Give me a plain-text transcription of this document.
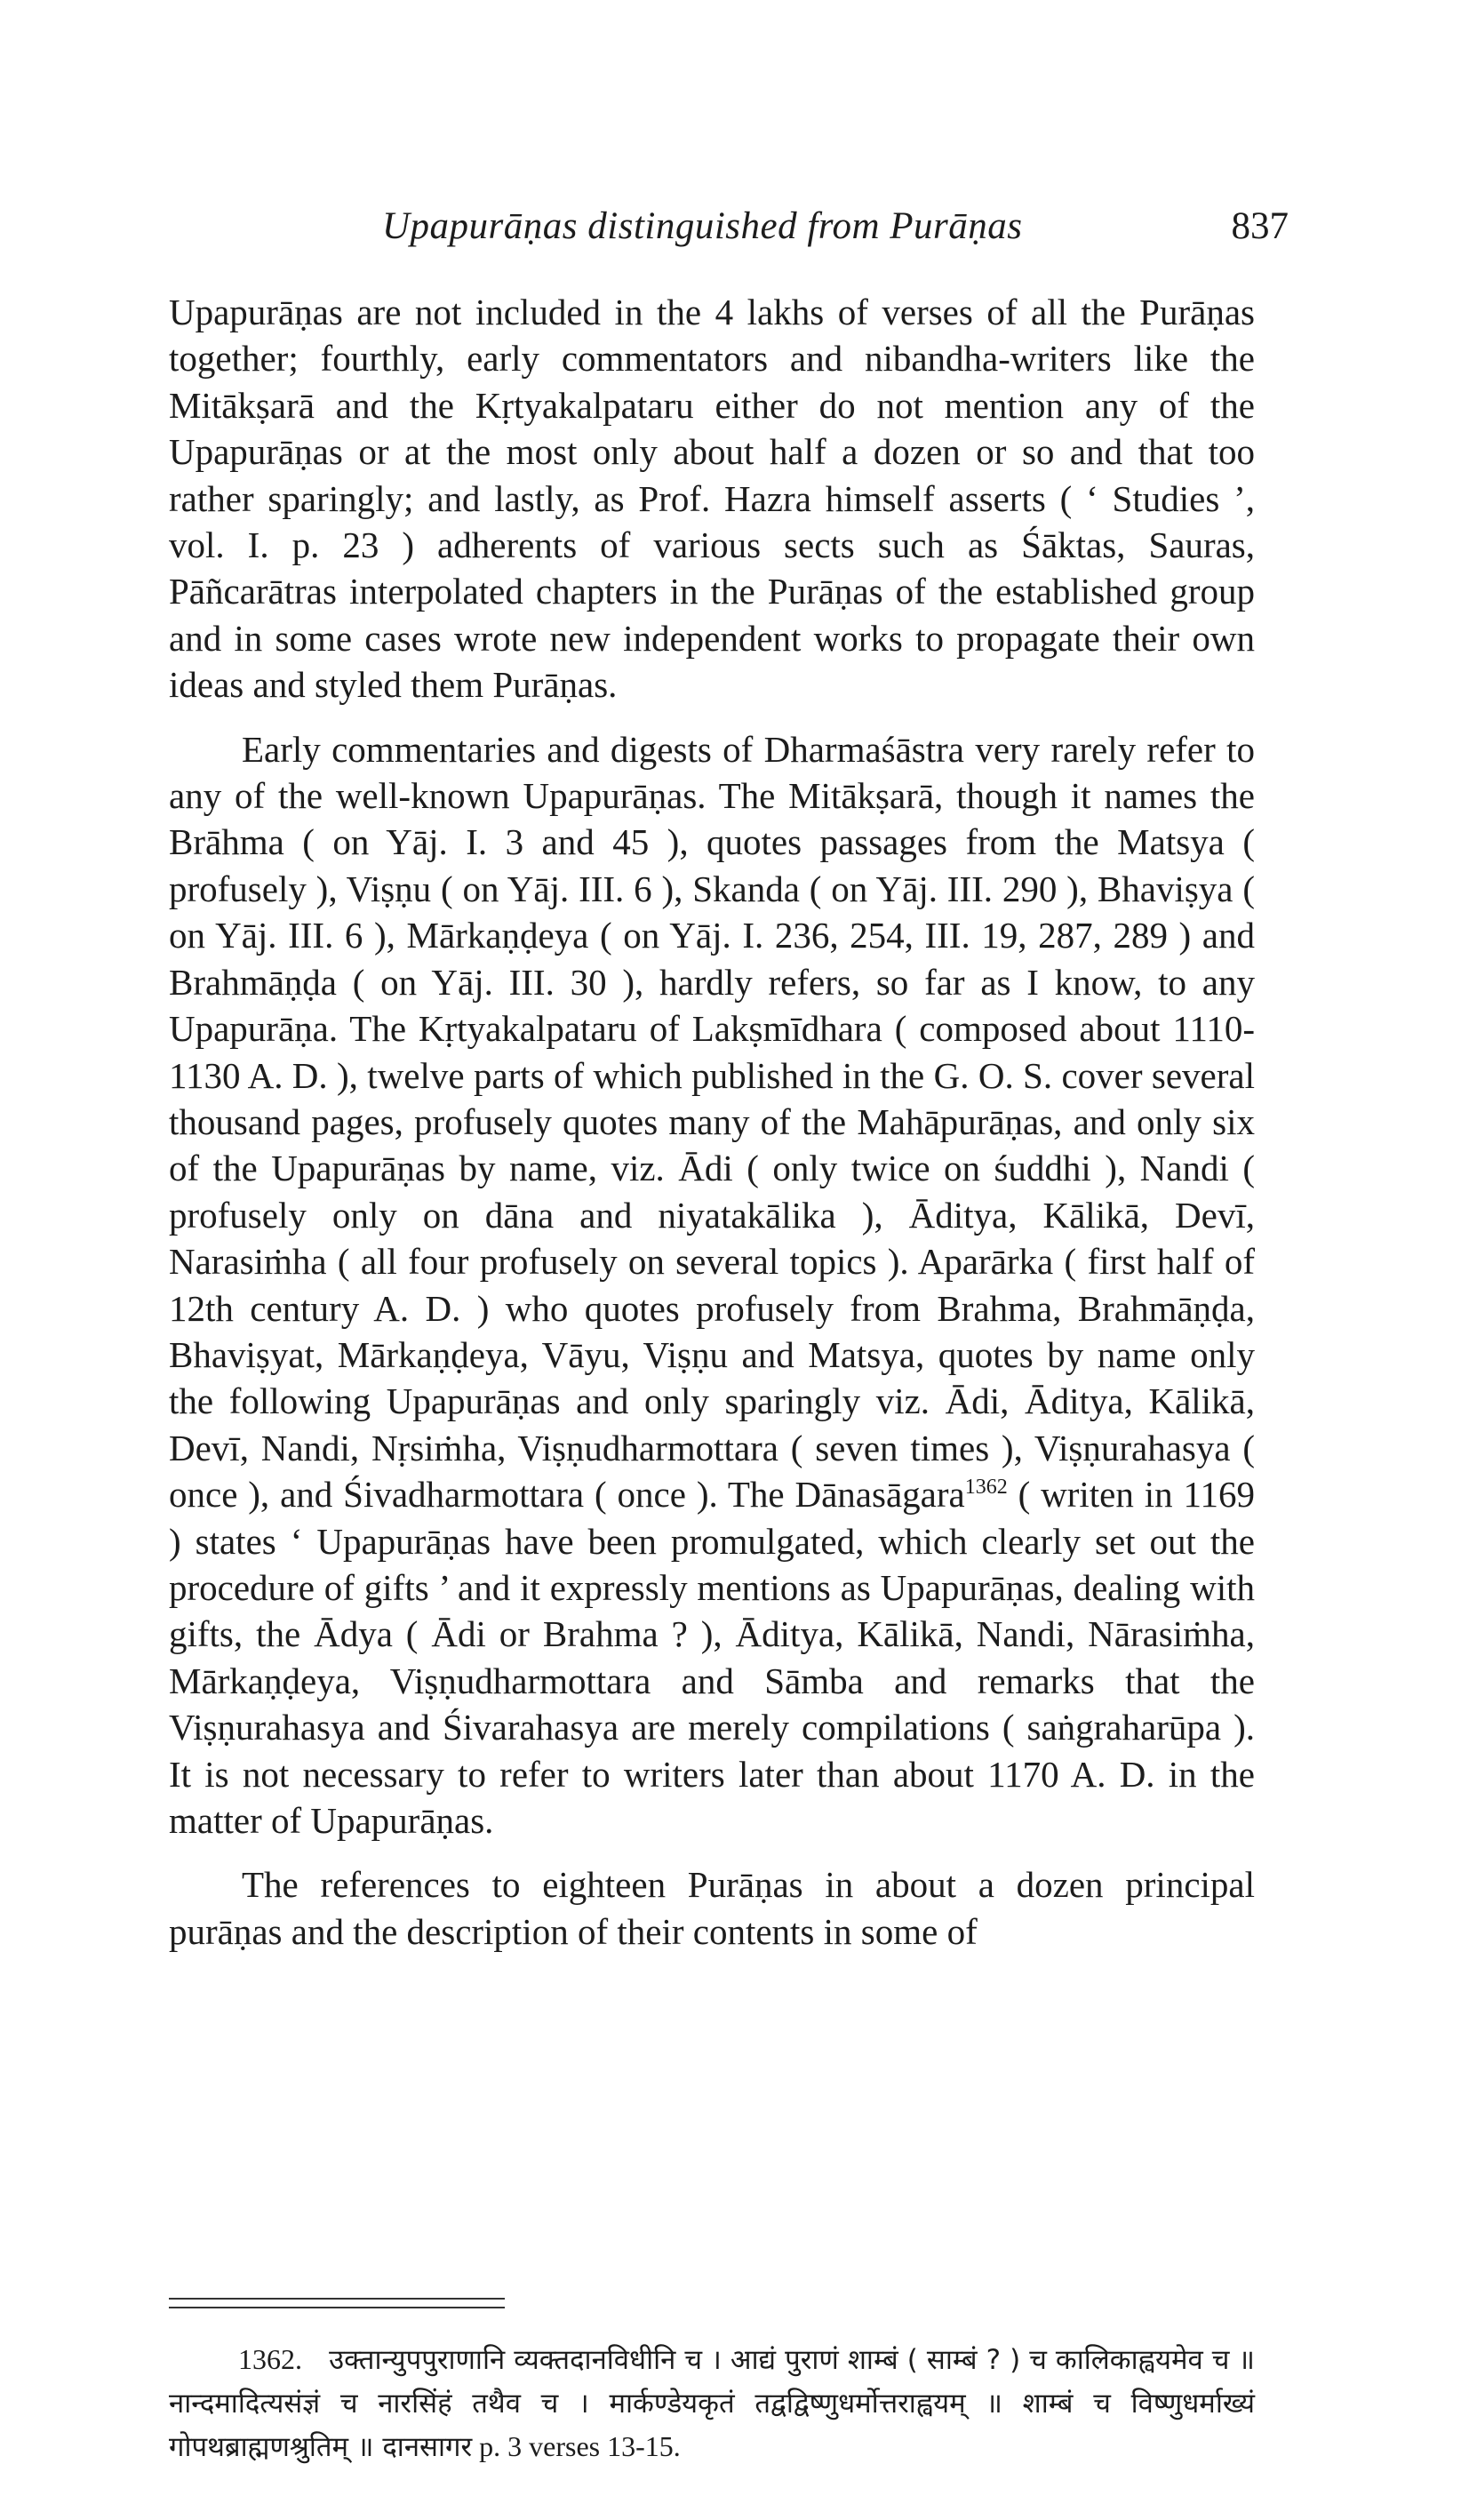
Upapurāṇas distinguished from Purāṇas	837

Upapurāṇas are not included in the 4 lakhs of verses of all the Purāṇas together; fourthly, early commentators and nibandha-writers like the Mitākṣarā and the Kṛtyakalpataru either do not mention any of the Upapurāṇas or at the most only about half a dozen or so and that too rather sparingly; and lastly, as Prof. Hazra himself asserts ( ‘ Studies ’, vol. I. p. 23 ) adherents of various sects such as Śāktas, Sauras, Pāñcarātras interpolated chapters in the Purāṇas of the established group and in some cases wrote new independent works to propagate their own ideas and styled them Purāṇas.

Early commentaries and digests of Dharmaśāstra very rarely refer to any of the well-known Upapurāṇas. The Mitākṣarā, though it names the Brāhma ( on Yāj. I. 3 and 45 ), quotes passages from the Matsya ( profusely ), Viṣṇu ( on Yāj. III. 6 ), Skanda ( on Yāj. III. 290 ), Bhaviṣya ( on Yāj. III. 6 ), Mārkaṇḍeya ( on Yāj. I. 236, 254, III. 19, 287, 289 ) and Brahmāṇḍa ( on Yāj. III. 30 ), hardly refers, so far as I know, to any Upapurāṇa. The Kṛtyakalpataru of Lakṣmīdhara ( composed about 1110-1130 A. D. ), twelve parts of which published in the G. O. S. cover several thousand pages, profusely quotes many of the Mahāpurāṇas, and only six of the Upapurāṇas by name, viz. Ādi ( only twice on śuddhi ), Nandi ( profusely only on dāna and niyatakālika ), Āditya, Kālikā, Devī, Narasiṁha ( all four profusely on several topics ). Aparārka ( first half of 12th century A. D. ) who quotes profusely from Brahma, Brahmāṇḍa, Bhaviṣyat, Mārkaṇḍeya, Vāyu, Viṣṇu and Matsya, quotes by name only the following Upapurāṇas and only sparingly viz. Ādi, Āditya, Kālikā, Devī, Nandi, Nṛsiṁha, Viṣṇudharmottara ( seven times ), Viṣṇurahasya ( once ), and Śivadharmottara ( once ). The Dānasāgara$^{1362}$ ( writen in 1169 ) states ‘ Upapurāṇas have been promulgated, which clearly set out the procedure of gifts ’ and it expressly mentions as Upapurāṇas, dealing with gifts, the Ādya ( Ādi or Brahma ? ), Āditya, Kālikā, Nandi, Nārasiṁha, Mārkaṇḍeya, Viṣṇudharmottara and Sāmba and remarks that the Viṣṇurahasya and Śivarahasya are merely compilations ( saṅgraharūpa ). It is not necessary to refer to writers later than about 1170 A. D. in the matter of Upapurāṇas.

The references to eighteen Purāṇas in about a dozen principal purāṇas and the description of their contents in some of

1362. उक्तान्युपपुराणानि व्यक्तदानविधीनि च । आद्यं पुराणं शाम्बं ( साम्बं ? ) च कालिकाह्वयमेव च ॥ नान्दमादित्यसंज्ञं च नारसिंहं तथैव च । मार्कण्डेयकृतं तद्वद्विष्णुधर्मोत्तराह्वयम् ॥ शाम्बं च विष्णुधर्माख्यं गोपथब्राह्मणश्रुतिम् ॥ दानसागर p. 3 verses 13-15.
